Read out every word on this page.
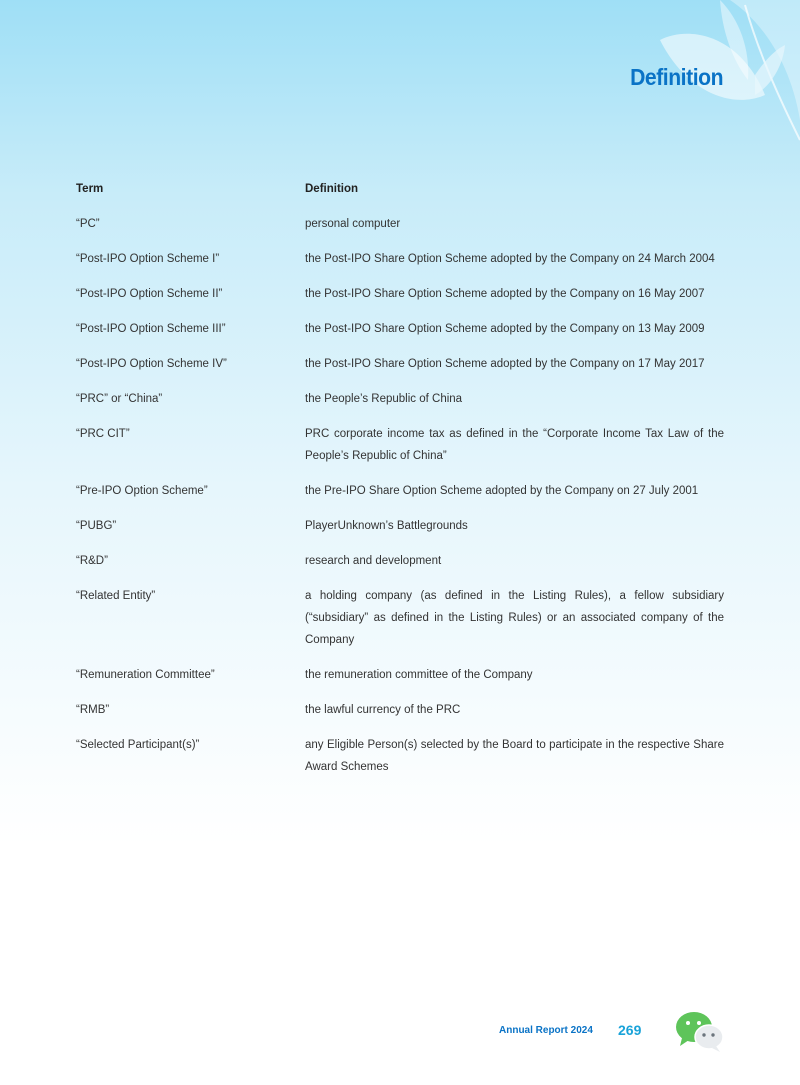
Definition
Term	Definition
“PC”	personal computer
“Post-IPO Option Scheme I”	the Post-IPO Share Option Scheme adopted by the Company on 24 March 2004
“Post-IPO Option Scheme II”	the Post-IPO Share Option Scheme adopted by the Company on 16 May 2007
“Post-IPO Option Scheme III”	the Post-IPO Share Option Scheme adopted by the Company on 13 May 2009
“Post-IPO Option Scheme IV”	the Post-IPO Share Option Scheme adopted by the Company on 17 May 2017
“PRC” or “China”	the People’s Republic of China
“PRC CIT”	PRC corporate income tax as defined in the “Corporate Income Tax Law of the People’s Republic of China”
“Pre-IPO Option Scheme”	the Pre-IPO Share Option Scheme adopted by the Company on 27 July 2001
“PUBG”	PlayerUnknown’s Battlegrounds
“R&D”	research and development
“Related Entity”	a holding company (as defined in the Listing Rules), a fellow subsidiary (“subsidiary” as defined in the Listing Rules) or an associated company of the Company
“Remuneration Committee”	the remuneration committee of the Company
“RMB”	the lawful currency of the PRC
“Selected Participant(s)”	any Eligible Person(s) selected by the Board to participate in the respective Share Award Schemes
Annual Report 2024 269
